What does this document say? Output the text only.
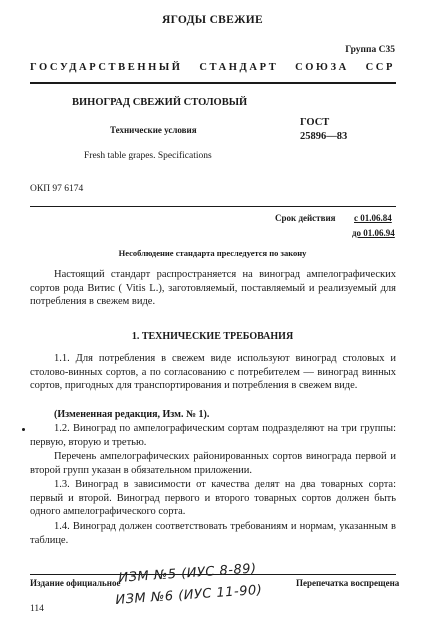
ЯГОДЫ СВЕЖИЕ
Группа С35
ГОСУДАРСТВЕННЫЙ СТАНДАРТ СОЮЗА ССР
ВИНОГРАД СВЕЖИЙ СТОЛОВЫЙ
Технические условия
Fresh table grapes. Specifications
ГОСТ
25896—83
ОКП 97 6174
Срок действия с 01.06.84
до 01.06.94
Несоблюдение стандарта преследуется по закону
Настоящий стандарт распространяется на виноград ампелографических сортов рода Витис ( Vitis L.), заготовляемый, поставляемый и реализуемый для потребления в свежем виде.
1. ТЕХНИЧЕСКИЕ ТРЕБОВАНИЯ
1.1. Для потребления в свежем виде используют виноград столовых и столово-винных сортов, а по согласованию с потребителем — виноград винных сортов, пригодных для транспортирования и потребления в свежем виде.
(Измененная редакция, Изм. № 1).
1.2. Виноград по ампелографическим сортам подразделяют на три группы: первую, вторую и третью.
Перечень ампелографических районированных сортов винограда первой и второй групп указан в обязательном приложении.
1.3. Виноград в зависимости от качества делят на два товарных сорта: первый и второй. Виноград первого и второго товарных сортов должен быть одного ампелографического сорта.
1.4. Виноград должен соответствовать требованиям и нормам, указанным в таблице.
Издание официальное	Перепечатка воспрещена
ИЗМ №5 (ИУС 8-89)
ИЗМ №6 (ИУС 11-90)
114
